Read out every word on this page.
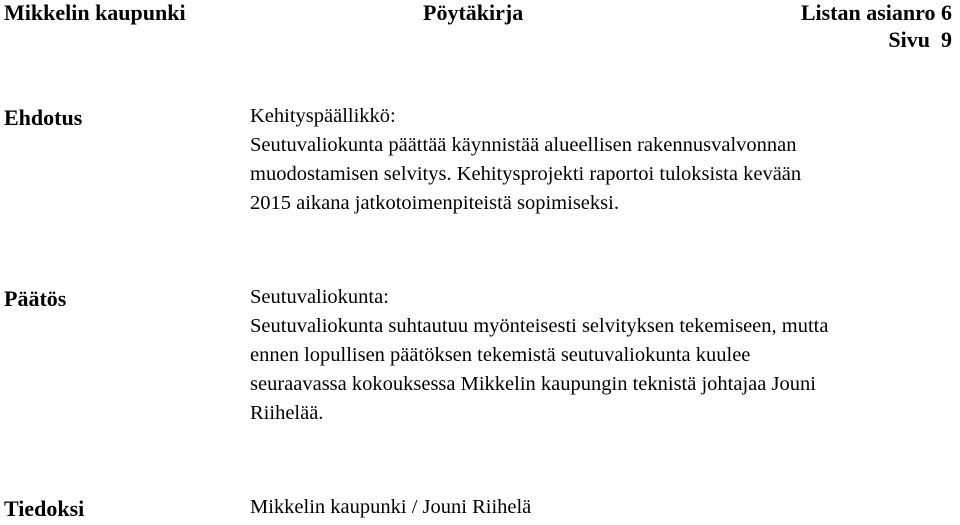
Mikkelin kaupunki	Pöytäkirja	Listan asianro 6
Sivu  9
Ehdotus	Kehityspäällikkö:
Seutuvaliokunta päättää käynnistää alueellisen rakennusvalvonnan
muodostamisen selvitys. Kehitysprojekti raportoi tuloksista kevään
2015 aikana jatkotoimenpiteistä sopimiseksi.
Päätös	Seutuvaliokunta:
Seutuvaliokunta suhtautuu myönteisesti selvityksen tekemiseen, mutta
ennen lopullisen päätöksen tekemistä seutuvaliokunta kuulee
seuraavassa kokouksessa Mikkelin kaupungin teknistä johtajaa Jouni
Riihelää.
Tiedoksi	Mikkelin kaupunki / Jouni Riihelä
